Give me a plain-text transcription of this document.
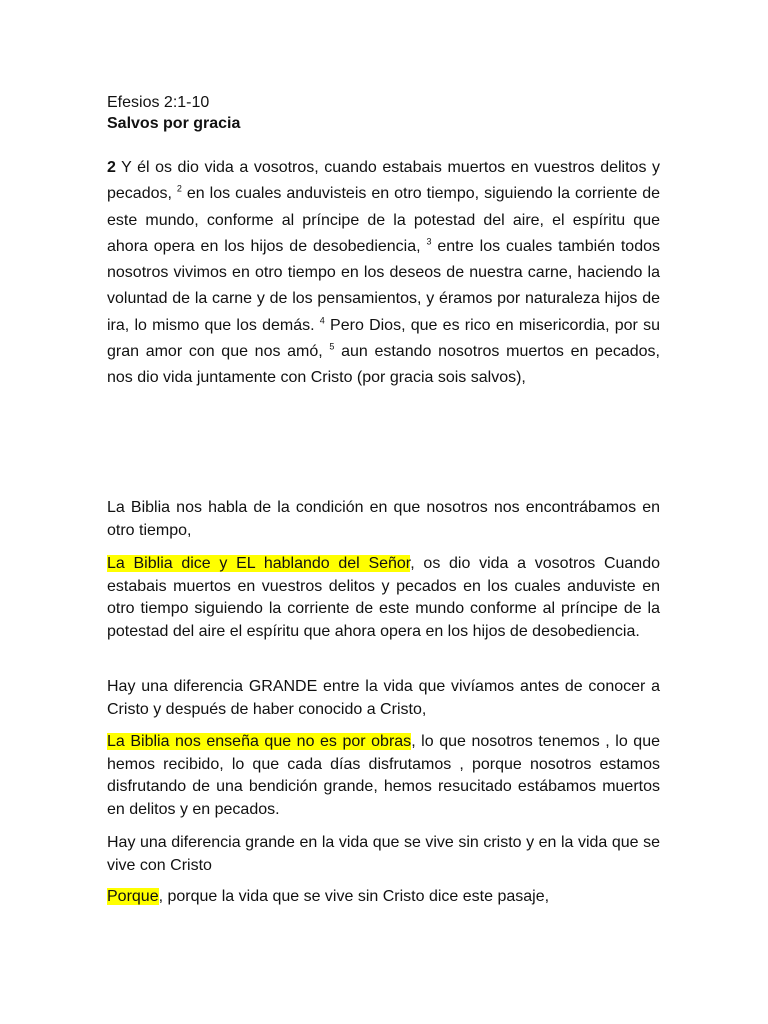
Efesios 2:1-10
Salvos por gracia

2 Y él os dio vida a vosotros, cuando estabais muertos en vuestros delitos y pecados, $^2$ en los cuales anduvisteis en otro tiempo, siguiendo la corriente de este mundo, conforme al príncipe de la potestad del aire, el espíritu que ahora opera en los hijos de desobediencia, $^3$ entre los cuales también todos nosotros vivimos en otro tiempo en los deseos de nuestra carne, haciendo la voluntad de la carne y de los pensamientos, y éramos por naturaleza hijos de ira, lo mismo que los demás. $^4$ Pero Dios, que es rico en misericordia, por su gran amor con que nos amó, $^5$ aun estando nosotros muertos en pecados, nos dio vida juntamente con Cristo (por gracia sois salvos),

La Biblia nos habla de la condición en que nosotros nos encontrábamos en otro tiempo,

La Biblia dice y EL hablando del Señor, os dio vida a vosotros Cuando estabais muertos en vuestros delitos y pecados en los cuales anduviste en otro tiempo siguiendo la corriente de este mundo conforme al príncipe de la potestad del aire el espíritu que ahora opera en los hijos de desobediencia.

Hay una diferencia GRANDE entre la vida que vivíamos antes de conocer a Cristo y después de haber conocido a Cristo,

La Biblia nos enseña que no es por obras, lo que nosotros tenemos , lo que hemos recibido, lo que cada días disfrutamos , porque nosotros estamos disfrutando de una bendición grande, hemos resucitado estábamos muertos en delitos y en pecados.

Hay una diferencia grande en la vida que se vive sin cristo y en la vida que se vive con Cristo

Porque, porque la vida que se vive sin Cristo dice este pasaje,
